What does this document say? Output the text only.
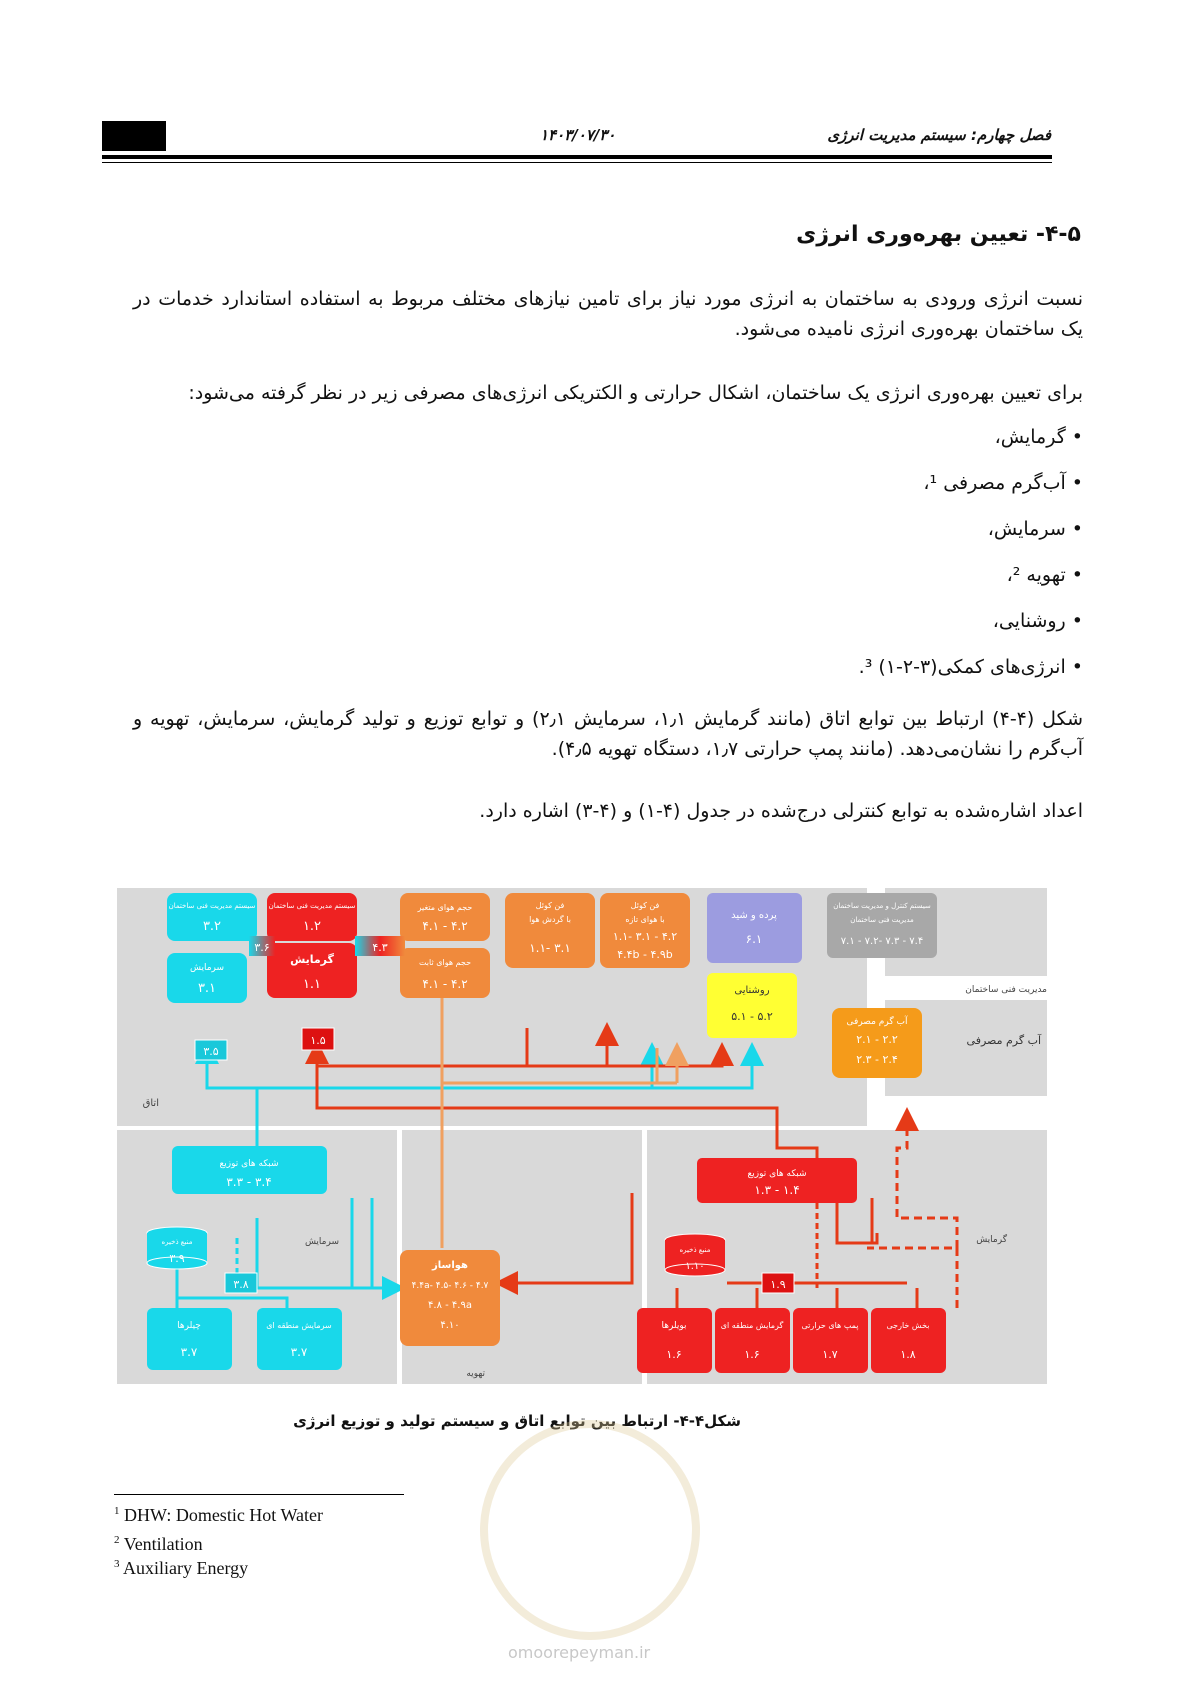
۱۴۰۳/۰۷/۳۰	فصل چهارم: سیستم مدیریت انرژی
۴-۵- تعیین بهره‌وری انرژی
نسبت انرژی ورودی به ساختمان به انرژی مورد نیاز برای تامین نیازهای مختلف مربوط به استفاده استاندارد خدمات در یک ساختمان بهره‌وری انرژی نامیده می‌شود.
برای تعیین بهره‌وری انرژی یک ساختمان، اشکال حرارتی و الکتریکی انرژی‌های مصرفی زیر در نظر گرفته می‌شود:
• گرمایش،
• آب‌گرم مصرفی ¹،
• سرمایش،
• تهویه ²،
• روشنایی،
• انرژی‌های کمکی(۳-۲-۱) ³.
شکل (۴-۴) ارتباط بین توابع اتاق (مانند گرمایش ۱٫۱، سرمایش ۲٫۱) و توابع توزیع و تولید گرمایش، سرمایش، تهویه و آب‌گرم را نشان‌می‌دهد. (مانند پمپ حرارتی ۱٫۷، دستگاه تهویه ۴٫۵).
اعداد اشاره‌شده به توابع کنترلی درج‌شده در جدول (۴-۱) و (۴-۳) اشاره دارد.
اتاق
مدیریت فنی ساختمان
آب گرم مصرفی
سرمایش
تهویه
گرمایش
سیستم مدیریت فنی ساختمان
۳.۲
سرمایش
۳.۱
سیستم مدیریت فنی ساختمان
۱.۲
گرمایش
۱.۱
۳.۶
حجم هوای متغیر
۴.۱ - ۴.۲
حجم هوای ثابت
۴.۱ - ۴.۲
۴.۳
فن کوئل
با گردش هوا
۱.۱- ۳.۱
فن کوئل
با هوای تازه
۱.۱- ۳.۱ - ۴.۲
۴.۴b - ۴.۹b
پرده و شید
۶.۱
سیستم کنترل و مدیریت ساختمان
مدیریت فنی ساختمان
۷.۱ - ۷.۲- ۷.۳ - ۷.۴
روشنایی
۵.۱ - ۵.۲	آب گرم مصرفی
۲.۱ - ۲.۲
۲.۳ - ۲.۴
۳.۵
۱.۵
شبکه های توزیع
۳.۳ - ۳.۴
منبع ذخیره
۳.۹
۳.۸
چیلرها
۳.۷
سرمایش منطقه ای
۳.۷
هواساز
۴.۴a- ۴.۵- ۴.۶ - ۴.۷
۴.۸ - ۴.۹a
۴.۱۰
شبکه های توزیع
۱.۳ - ۱.۴
منبع ذخیره
۱.۱۰
۱.۹
بویلرها
۱.۶
گرمایش منطقه ای
۱.۶
پمپ های حرارتی
۱.۷
بخش خارجی
۱.۸
شکل۴-۴- ارتباط بین توابع اتاق و سیستم تولید و توزیع انرژی
omoorepeyman.ir
$^1$ DHW: Domestic Hot Water
$^2$ Ventilation
$^3$ Auxiliary Energy
